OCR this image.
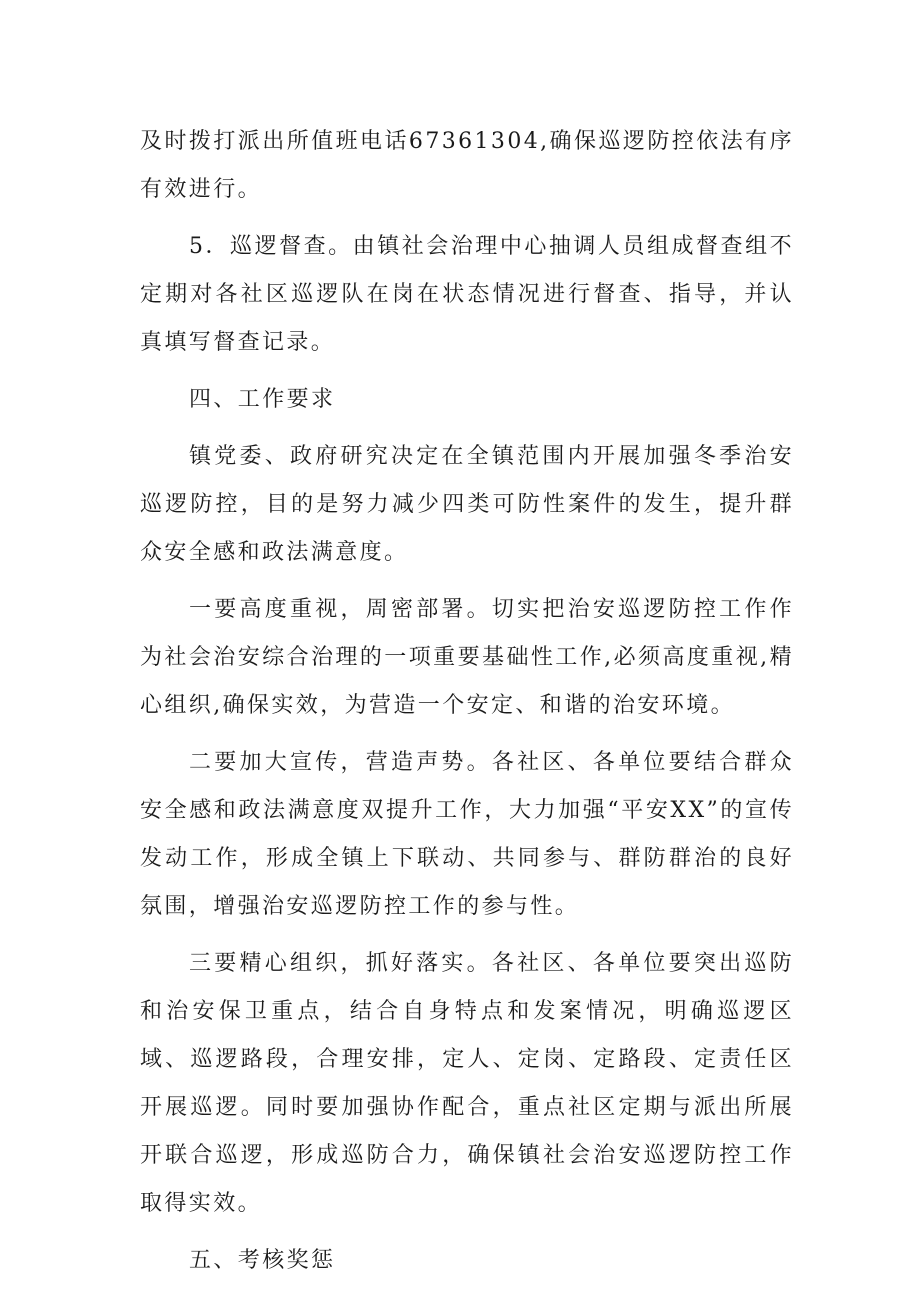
及时拨打派出所值班电话67361304,确保巡逻防控依法有序有效进行。

5．巡逻督查。由镇社会治理中心抽调人员组成督查组不定期对各社区巡逻队在岗在状态情况进行督查、指导，并认真填写督查记录。

四、工作要求

镇党委、政府研究决定在全镇范围内开展加强冬季治安巡逻防控，目的是努力减少四类可防性案件的发生，提升群众安全感和政法满意度。

一要高度重视，周密部署。切实把治安巡逻防控工作作为社会治安综合治理的一项重要基础性工作,必须高度重视,精心组织,确保实效，为营造一个安定、和谐的治安环境。

二要加大宣传，营造声势。各社区、各单位要结合群众安全感和政法满意度双提升工作，大力加强“平安XX”的宣传发动工作，形成全镇上下联动、共同参与、群防群治的良好氛围，增强治安巡逻防控工作的参与性。

三要精心组织，抓好落实。各社区、各单位要突出巡防和治安保卫重点，结合自身特点和发案情况，明确巡逻区域、巡逻路段，合理安排，定人、定岗、定路段、定责任区开展巡逻。同时要加强协作配合，重点社区定期与派出所展开联合巡逻，形成巡防合力，确保镇社会治安巡逻防控工作取得实效。

五、考核奖惩
